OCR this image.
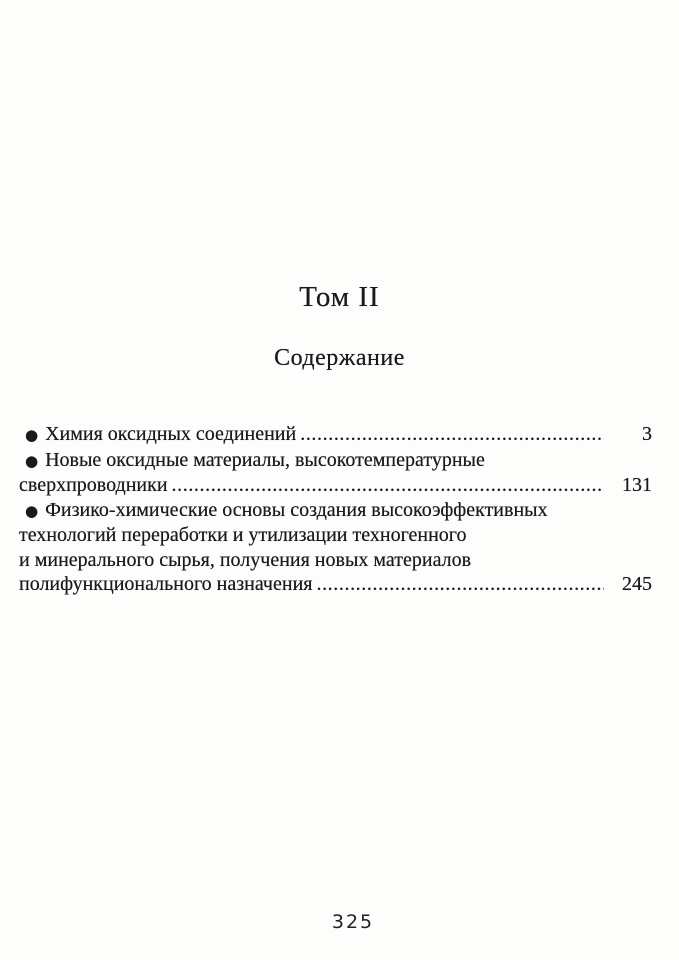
Том II
Содержание
● Химия оксидных соединений .....	3
● Новые оксидные материалы, высокотемпературные
сверхпроводники .....	131
● Физико-химические основы создания высокоэффективных
технологий переработки и утилизации техногенного
и минерального сырья, получения новых материалов
полифункционального назначения .....	245
325
